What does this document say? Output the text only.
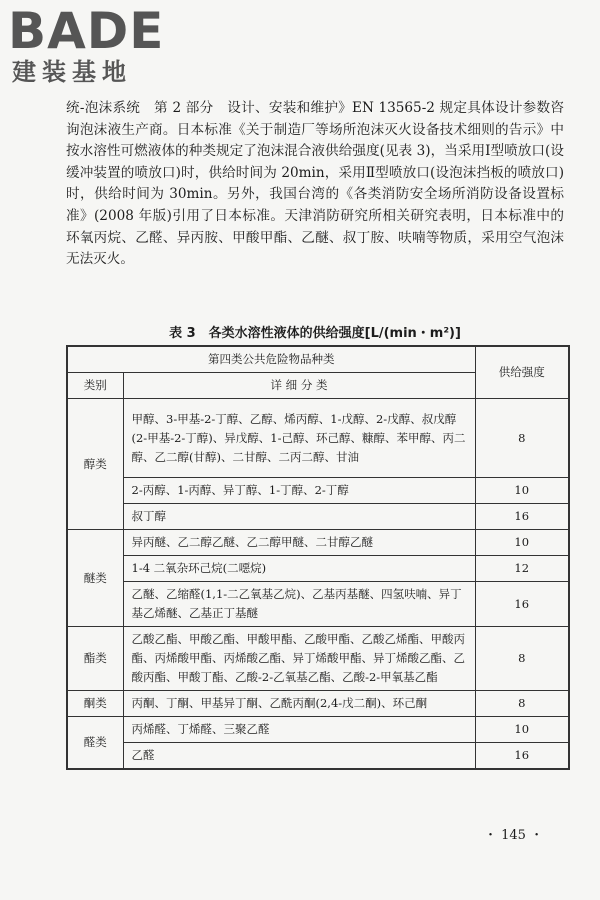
BADE
建装基地
统-泡沫系统　第 2 部分　设计、安装和维护》EN 13565-2 规定具体设计参数咨询泡沫液生产商。日本标准《关于制造厂等场所泡沫灭火设备技术细则的告示》中按水溶性可燃液体的种类规定了泡沫混合液供给强度(见表 3)，当采用Ⅰ型喷放口(设缓冲装置的喷放口)时，供给时间为 20min，采用Ⅱ型喷放口(设泡沫挡板的喷放口)时，供给时间为 30min。另外，我国台湾的《各类消防安全场所消防设备设置标准》(2008 年版)引用了日本标准。天津消防研究所相关研究表明，日本标准中的环氧丙烷、乙醛、异丙胺、甲酸甲酯、乙醚、叔丁胺、呋喃等物质，采用空气泡沫无法灭火。
表 3　各类水溶性液体的供给强度[L/(min・m²)]
第四类公共危险物品种类		供给强度
类别	详 细 分 类	
醇类	甲醇、3-甲基-2-丁醇、乙醇、烯丙醇、1-戊醇、2-戊醇、叔戊醇(2-甲基-2-丁醇)、异戊醇、1-己醇、环己醇、糠醇、苯甲醇、丙二醇、乙二醇(甘醇)、二甘醇、二丙二醇、甘油	8
	2-丙醇、1-丙醇、异丁醇、1-丁醇、2-丁醇	10
	叔丁醇	16
醚类	异丙醚、乙二醇乙醚、乙二醇甲醚、二甘醇乙醚	10
	1-4 二氧杂环己烷(二噁烷)	12
	乙醚、乙缩醛(1,1-二乙氧基乙烷)、乙基丙基醚、四氢呋喃、异丁基乙烯醚、乙基正丁基醚	16
酯类	乙酸乙酯、甲酸乙酯、甲酸甲酯、乙酸甲酯、乙酸乙烯酯、甲酸丙酯、丙烯酸甲酯、丙烯酸乙酯、异丁烯酸甲酯、异丁烯酸乙酯、乙酸丙酯、甲酸丁酯、乙酸-2-乙氧基乙酯、乙酸-2-甲氧基乙酯	8
酮类	丙酮、丁酮、甲基异丁酮、乙酰丙酮(2,4-戊二酮)、环己酮	8
醛类	丙烯醛、丁烯醛、三聚乙醛	10
	乙醛	16
・ 145 ・
